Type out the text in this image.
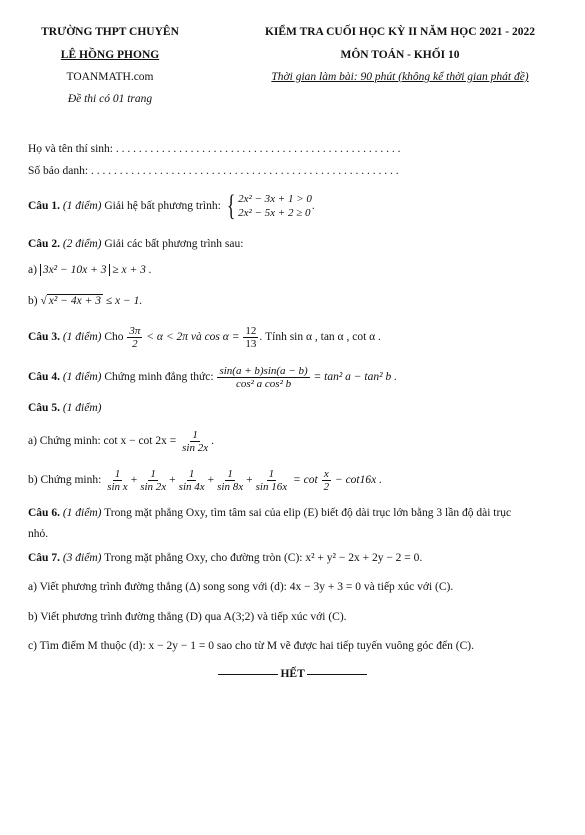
TRƯỜNG THPT CHUYÊN
LÊ HỒNG PHONG
TOANMATH.com
Đề thi có 01 trang
KIỂM TRA CUỐI HỌC KỲ II NĂM HỌC 2021 - 2022
MÔN TOÁN - KHỐI 10
Thời gian làm bài: 90 phút (không kể thời gian phát đề)
Họ và tên thí sinh: . . . . . . . . . . . . . . . . . . . . . . . . . . . . . . . . . . . . . . . . . . . . . . . . . .
Số báo danh: . . . . . . . . . . . . . . . . . . . . . . . . . . . . . . . . . . . . . . . . . . . . . . . . . . . . . .
Câu 1. (1 điểm) Giải hệ bất phương trình: { 2x² − 3x + 1 > 0
2x² − 5x + 2 ≥ 0
.
Câu 2. (2 điểm) Giải các bất phương trình sau:
a) 3x² − 10x + 3 ≥ x + 3 .
b) √ x² − 4x + 3 ≤ x − 1.
Câu 3. (1 điểm) Cho $\frac{3\pi}{2} < \alpha < 2\pi$ và $\cos \alpha = \frac{12}{13}$ . Tính sin α , tan α , cot α .
Câu 4. (1 điểm) Chứng minh đẳng thức: $\frac{\sin(a + b)\sin(a - b)}{\text{cos² a cos² b}} = \tan^2$ a − tan² b .
Câu 5. (1 điểm)
a) Chứng minh: $\cot x - \cot 2x = \frac{1}{\sin 2x}$ .
b) Chứng minh: $\frac{1}{\text{sin x}} + \frac{1}{\sin 2x} + \frac{1}{\sin 4x} + \frac{1}{\sin 8x} + \frac{1}{\sin 16x} = \cot \frac{x}{2} - \cot 16x$ .
Câu 6. (1 điểm) Trong mặt phẳng Oxy, tìm tâm sai của elip (E) biết độ dài trục lớn bằng 3 lần độ dài trục
nhỏ.
Câu 7. (3 điểm) Trong mặt phẳng Oxy, cho đường tròn (C): x² + y² − 2x + 2y − 2 = 0.
a) Viết phương trình đường thẳng (Δ) song song với (d): 4x − 3y + 3 = 0 và tiếp xúc với (C).
b) Viết phương trình đường thẳng (D) qua A(3;2) và tiếp xúc với (C).
c) Tìm điểm M thuộc (d): x − 2y − 1 = 0 sao cho từ M vẽ được hai tiếp tuyến vuông góc đến (C).
HẾT
